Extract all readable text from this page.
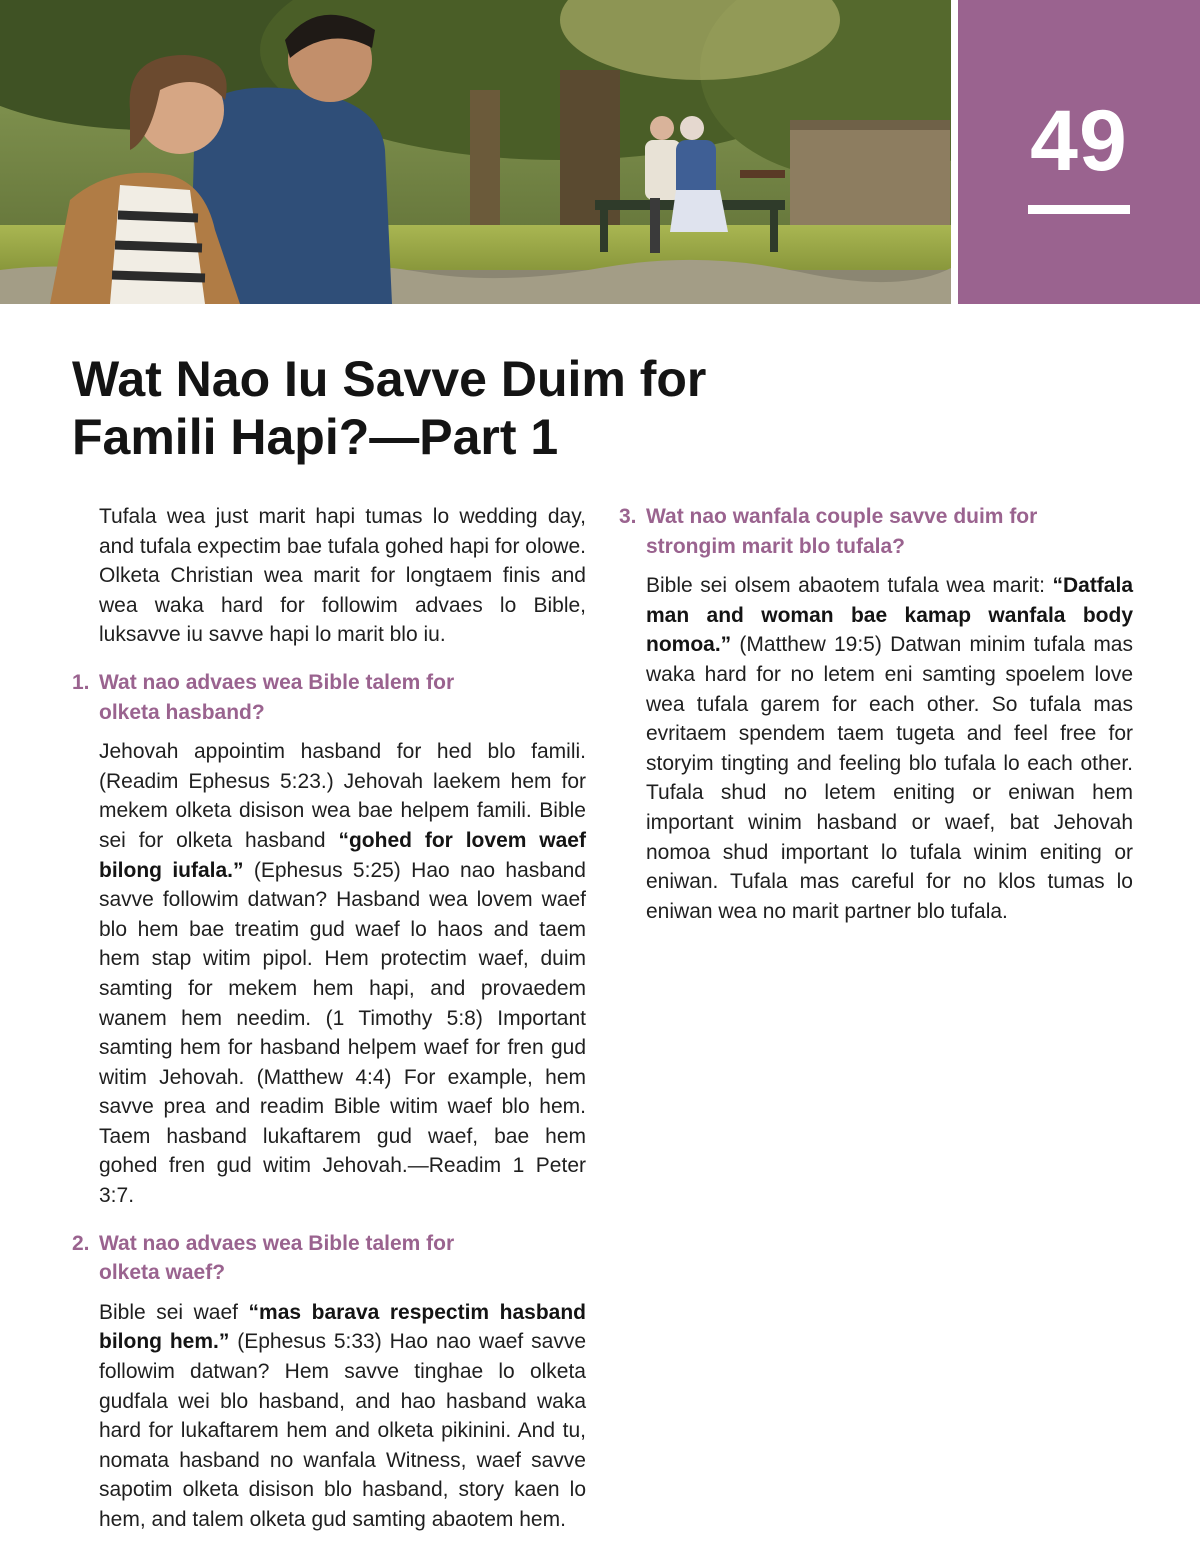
49
Wat Nao Iu Savve Duim for
Famili Hapi?—Part 1

Tufala wea just marit hapi tumas lo wedding day, and tufala expectim bae tufala gohed hapi for olowe. Olketa Christian wea marit for longtaem finis and wea waka hard for followim advaes lo Bible, luksavve iu savve hapi lo marit blo iu.

1. Wat nao advaes wea Bible talem for
olketa hasband?

Jehovah appointim hasband for hed blo famili. (Readim Ephesus 5:23.) Jehovah laekem hem for mekem olketa disison wea bae helpem famili. Bible sei for olketa hasband “gohed for lovem waef bilong iufala.” (Ephesus 5:25) Hao nao hasband savve followim datwan? Hasband wea lovem waef blo hem bae treatim gud waef lo haos and taem hem stap witim pipol. Hem protectim waef, duim samting for mekem hem hapi, and provaedem wanem hem needim. (1 Timothy 5:8) Important samting hem for hasband helpem waef for fren gud witim Jehovah. (Matthew 4:4) For example, hem savve prea and readim Bible witim waef blo hem. Taem hasband lukaftarem gud waef, bae hem gohed fren gud witim Jehovah.—Readim 1 Peter 3:7.

2. Wat nao advaes wea Bible talem for
olketa waef?

Bible sei waef “mas barava respectim hasband bilong hem.” (Ephesus 5:33) Hao nao waef savve followim datwan? Hem savve tinghae lo olketa gudfala wei blo hasband, and hao hasband waka hard for lukaftarem hem and olketa pikinini. And tu, nomata hasband no wanfala Witness, waef savve sapotim olketa disison blo hasband, story kaen lo hem, and talem olketa gud samting abaotem hem.

3. Wat nao wanfala couple savve duim for
strongim marit blo tufala?

Bible sei olsem abaotem tufala wea marit: “Datfala man and woman bae kamap wanfala body nomoa.” (Matthew 19:5) Datwan minim tufala mas waka hard for no letem eni samting spoelem love wea tufala garem for each other. So tufala mas evritaem spendem taem tugeta and feel free for storyim tingting and feeling blo tufala lo each other. Tufala shud no letem eniting or eniwan hem important winim hasband or waef, bat Jehovah nomoa shud important lo tufala winim eniting or eniwan. Tufala mas careful for no klos tumas lo eniwan wea no marit partner blo tufala.
